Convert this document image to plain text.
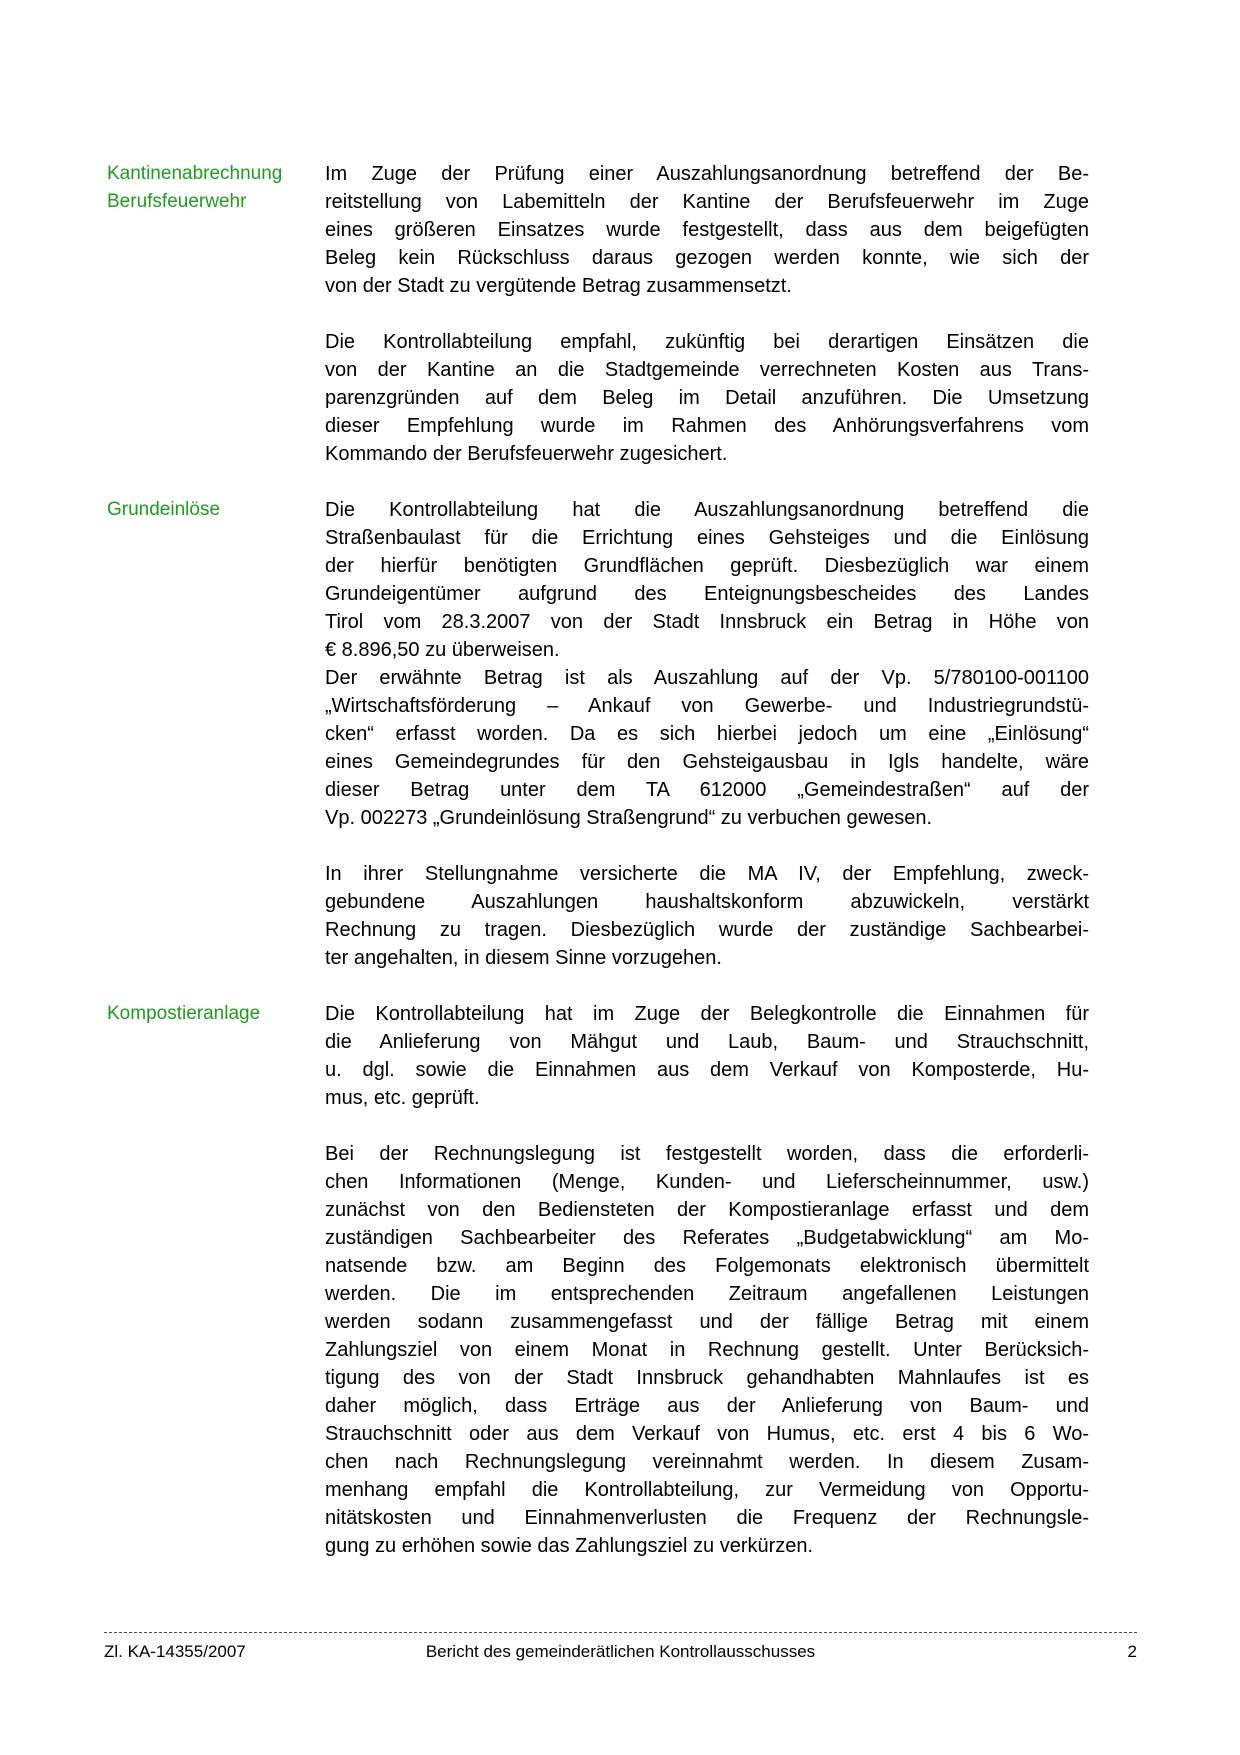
Kantinenabrechnung
Berufsfeuerwehr
Im Zuge der Prüfung einer Auszahlungsanordnung betreffend der Be-
reitstellung von Labemitteln der Kantine der Berufsfeuerwehr im Zuge
eines größeren Einsatzes wurde festgestellt, dass aus dem beigefügten
Beleg kein Rückschluss daraus gezogen werden konnte, wie sich der
von der Stadt zu vergütende Betrag zusammensetzt.
Die Kontrollabteilung empfahl, zukünftig bei derartigen Einsätzen die
von der Kantine an die Stadtgemeinde verrechneten Kosten aus Trans-
parenzgründen auf dem Beleg im Detail anzuführen. Die Umsetzung
dieser Empfehlung wurde im Rahmen des Anhörungsverfahrens vom
Kommando der Berufsfeuerwehr zugesichert.
Grundeinlöse	Die Kontrollabteilung hat die Auszahlungsanordnung betreffend die
Straßenbaulast für die Errichtung eines Gehsteiges und die Einlösung
der hierfür benötigten Grundflächen geprüft. Diesbezüglich war einem
Grundeigentümer aufgrund des Enteignungsbescheides des Landes
Tirol vom 28.3.2007 von der Stadt Innsbruck ein Betrag in Höhe von
€ 8.896,50 zu überweisen.
Der erwähnte Betrag ist als Auszahlung auf der Vp. 5/780100-001100
„Wirtschaftsförderung – Ankauf von Gewerbe- und Industriegrundstü-
cken“ erfasst worden. Da es sich hierbei jedoch um eine „Einlösung“
eines Gemeindegrundes für den Gehsteigausbau in Igls handelte, wäre
dieser Betrag unter dem TA 612000 „Gemeindestraßen“ auf der
Vp. 002273 „Grundeinlösung Straßengrund“ zu verbuchen gewesen.
In ihrer Stellungnahme versicherte die MA IV, der Empfehlung, zweck-
gebundene Auszahlungen haushaltskonform abzuwickeln, verstärkt
Rechnung zu tragen. Diesbezüglich wurde der zuständige Sachbearbei-
ter angehalten, in diesem Sinne vorzugehen.
Kompostieranlage	Die Kontrollabteilung hat im Zuge der Belegkontrolle die Einnahmen für
die Anlieferung von Mähgut und Laub, Baum- und Strauchschnitt,
u. dgl. sowie die Einnahmen aus dem Verkauf von Komposterde, Hu-
mus, etc. geprüft.
Bei der Rechnungslegung ist festgestellt worden, dass die erforderli-
chen Informationen (Menge, Kunden- und Lieferscheinnummer, usw.)
zunächst von den Bediensteten der Kompostieranlage erfasst und dem
zuständigen Sachbearbeiter des Referates „Budgetabwicklung“ am Mo-
natsende bzw. am Beginn des Folgemonats elektronisch übermittelt
werden. Die im entsprechenden Zeitraum angefallenen Leistungen
werden sodann zusammengefasst und der fällige Betrag mit einem
Zahlungsziel von einem Monat in Rechnung gestellt. Unter Berücksich-
tigung des von der Stadt Innsbruck gehandhabten Mahnlaufes ist es
daher möglich, dass Erträge aus der Anlieferung von Baum- und
Strauchschnitt oder aus dem Verkauf von Humus, etc. erst 4 bis 6 Wo-
chen nach Rechnungslegung vereinnahmt werden. In diesem Zusam-
menhang empfahl die Kontrollabteilung, zur Vermeidung von Opportu-
nitätskosten und Einnahmenverlusten die Frequenz der Rechnungsle-
gung zu erhöhen sowie das Zahlungsziel zu verkürzen.
Zl. KA-14355/2007	Bericht des gemeinderätlichen Kontrollausschusses	2
